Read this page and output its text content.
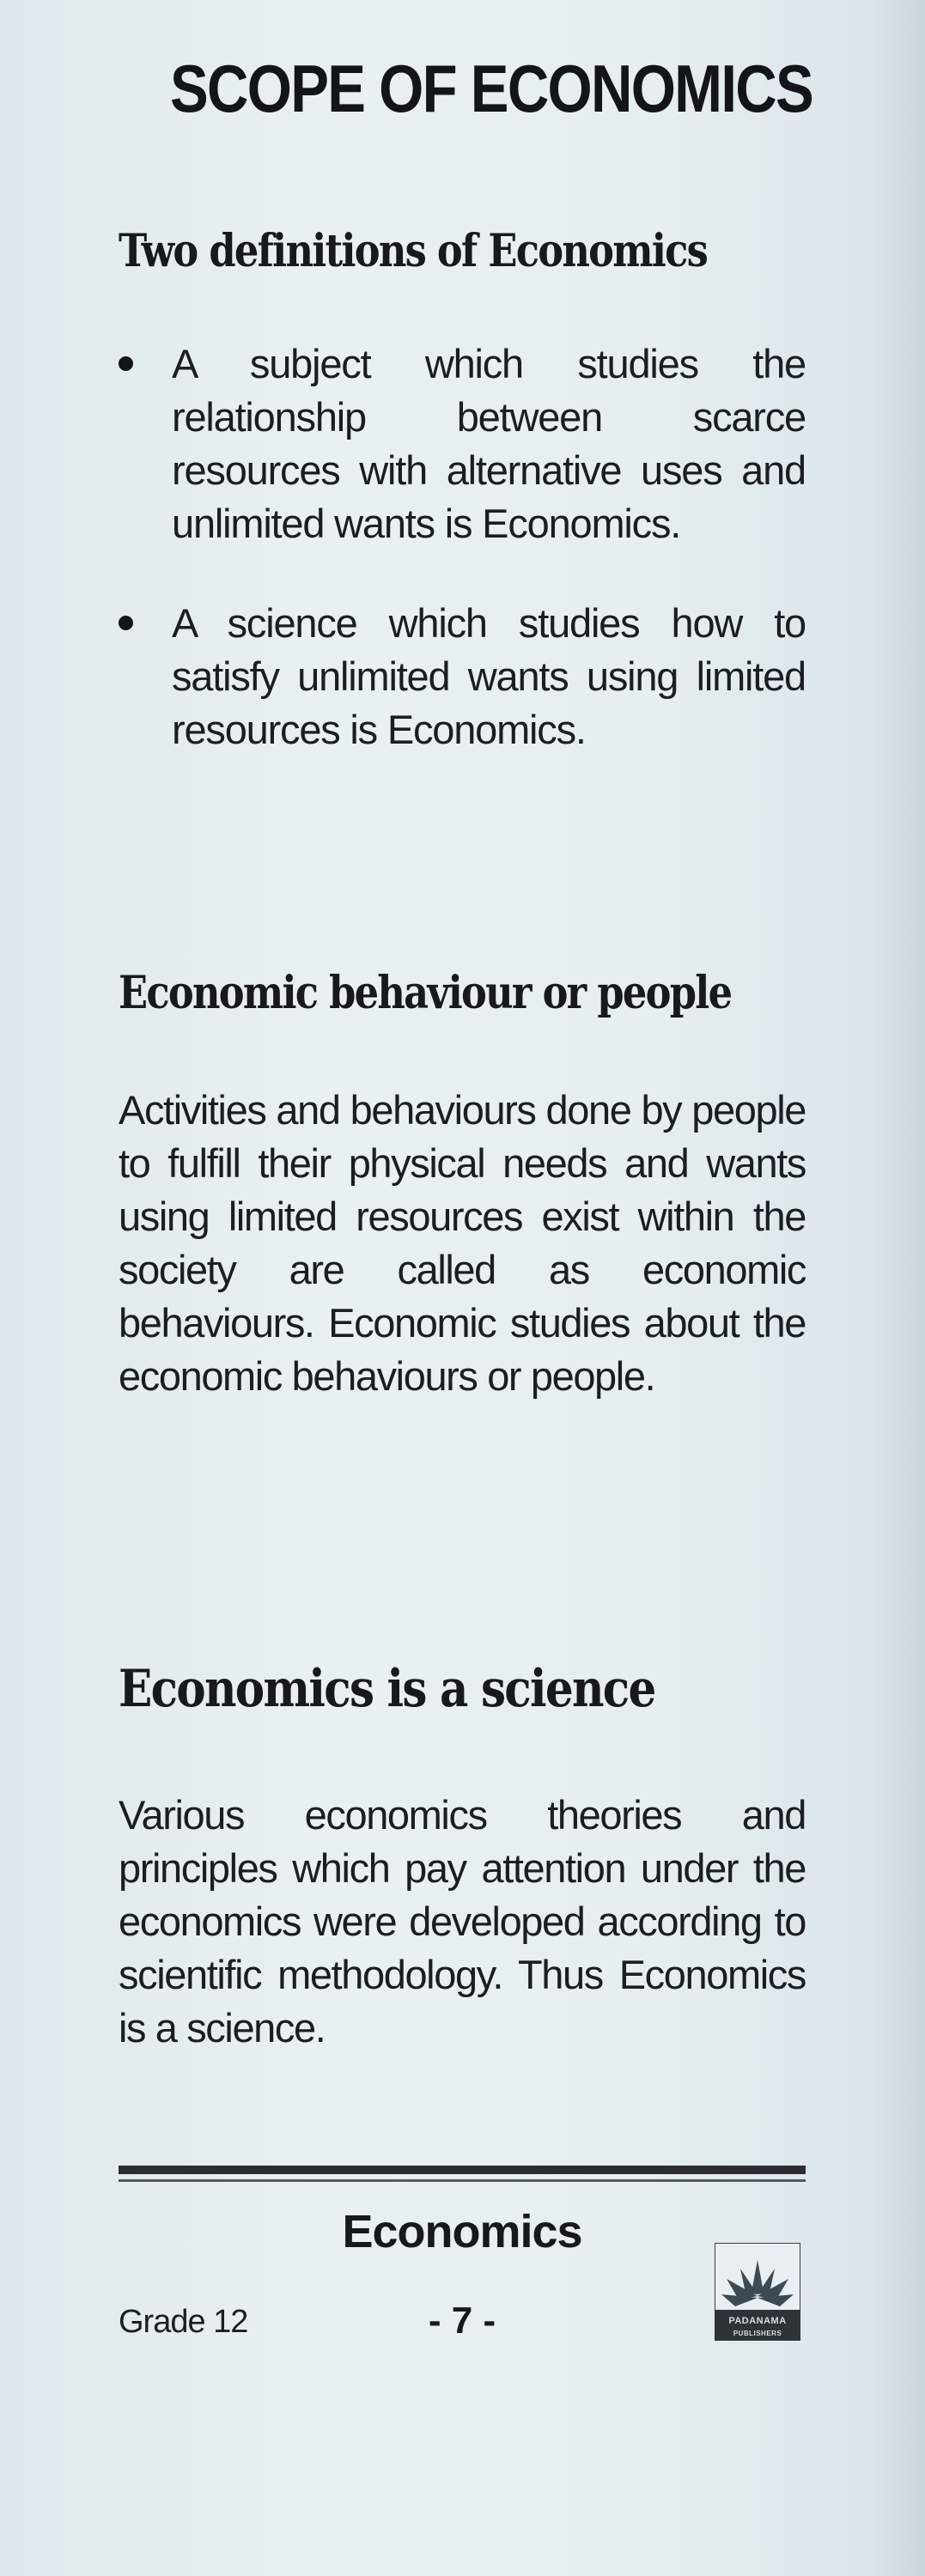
SCOPE OF ECONOMICS
Two definitions of Economics
A subject which studies the relationship between scarce resources with alternative uses and unlimited wants is Economics.
A science which studies how to satisfy unlimited wants using limited resources is Economics.
Economic behaviour or people

Activities and behaviours done by people to fulfill their physical needs and wants using limited resources exist within the society are called as economic behaviours. Economic studies about the economic behaviours or people.

Economics is a science

Various economics theories and principles which pay attention under the economics were developed according to scientific methodology. Thus Economics is a science.

Economics
Grade 12	- 7 -	PADANAMA
PUBLISHERS
